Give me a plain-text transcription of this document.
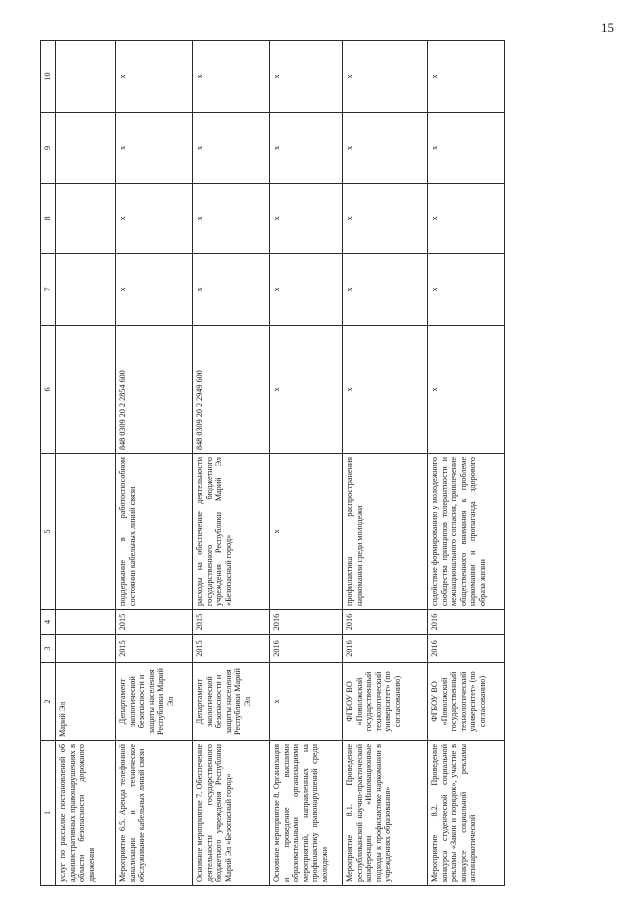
15
1	2	3	4	5	6	7	8	9	10
услуг по рассылке постановлений об административных правонарушениях в области безопасности дорожного движения	Марий Эл								
Мероприятие 6.5. Аренда телефонной канализации и техническое обслуживание кабельных линий связи	Департамент экологической безопасности и защиты населения Республики Марий Эл	2015	2015	поддержание в работоспособном состоянии кабельных линий связи	848 0309 20 2 2854 600	x	x	x	x
Основное мероприятие 7. Обеспечение деятельности государственного бюджетного учреждения Республики Марий Эл «Безопасный город»	Департамент экологической безопасности и защиты населения Республики Марий Эл	2015	2015	расходы на обеспечение деятельности государственного бюджетного учреждения Республики Марий Эл «Безопасный город»	848 0309 20 2 2949 600	x	x	x	x
Основное мероприятие 8. Организация и проведение высшими образовательными организациями мероприятий, направленных на профилактику правонарушений среди молодежи	x	2016	2016	x	x	x	x	x	x
Мероприятие 8.1. Проведение республиканской научно-практической конференции «Инновационные подходы к профилактике наркомании в учреждениях образования»	ФГБОУ ВО «Поволжский государственный технологический университет» (по согласованию)	2016	2016	профилактика распространения наркомании среди молодежи	x	x	x	x	x
Мероприятие 8.2. Проведение конкурса студенческой социальной рекламы «Закон и порядок», участие в конкурсе социальной рекламы антинаркотической	ФГБОУ ВО «Поволжский государственный технологический университет» (по согласованию)	2016	2016	содействие формированию у молодежного сообщества принципов толерантности и межнационального согласия, привлечение общественного внимания к проблеме наркомании и пропаганда здорового образа жизни	x	x	x	x	x
